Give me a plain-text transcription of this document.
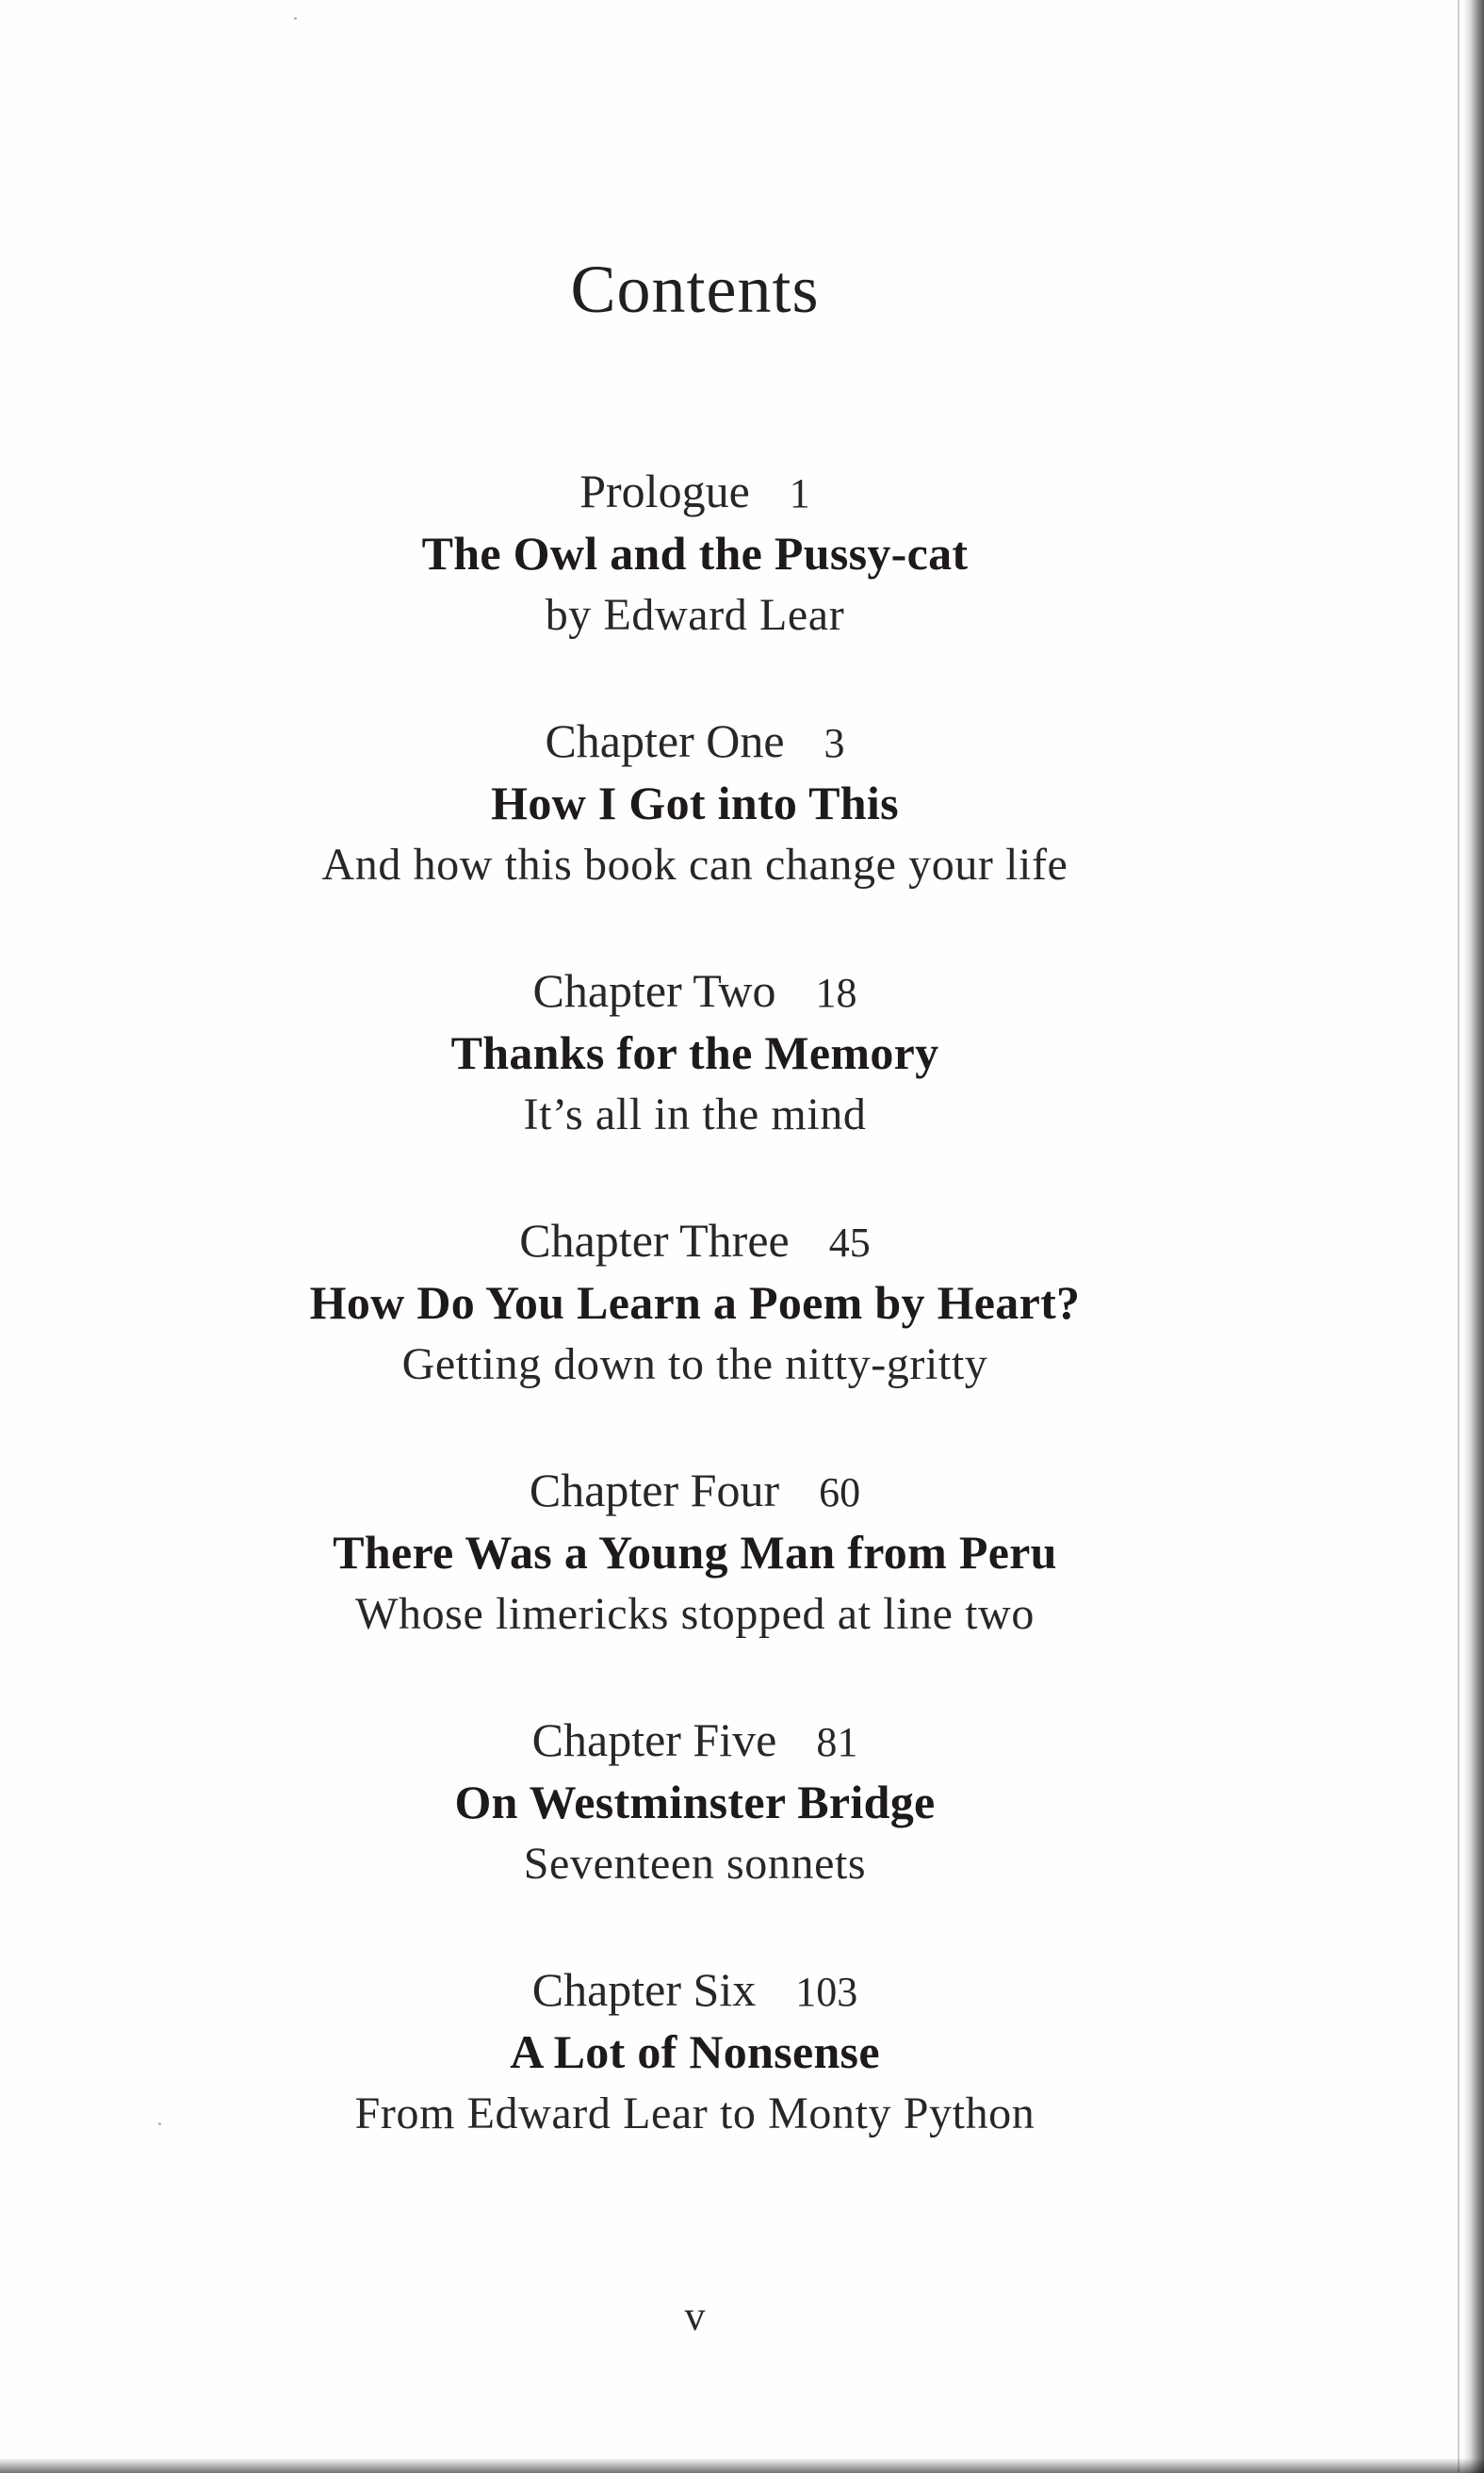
Contents
Prologue 1
The Owl and the Pussy-cat
by Edward Lear
Chapter One 3
How I Got into This
And how this book can change your life
Chapter Two 18
Thanks for the Memory
It’s all in the mind
Chapter Three 45
How Do You Learn a Poem by Heart?
Getting down to the nitty-gritty
Chapter Four 60
There Was a Young Man from Peru
Whose limericks stopped at line two
Chapter Five 81
On Westminster Bridge
Seventeen sonnets
Chapter Six 103
A Lot of Nonsense
From Edward Lear to Monty Python
v
